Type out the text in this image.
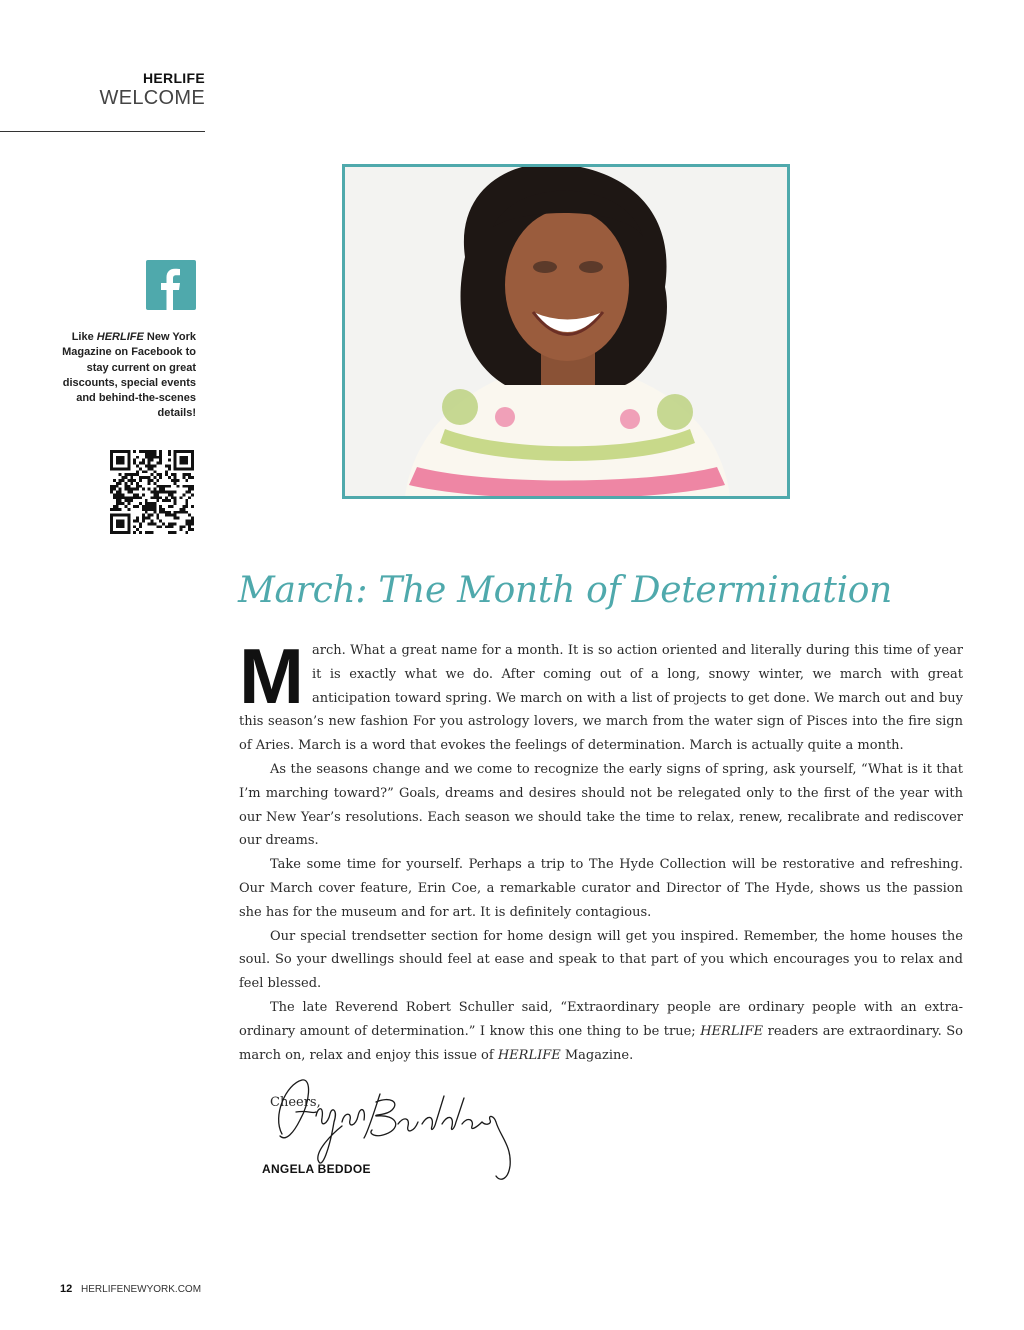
HERLIFE
WELCOME
Like HERLIFE New York Magazine on Facebook to stay current on great discounts, special events and behind-the-scenes details!
March: The Month of Determination

March. What a great name for a month. It is so action oriented and literally during this time of year it is exactly what we do. After coming out of a long, snowy winter, we march with great anticipation toward spring. We march on with a list of projects to get done. We march out and buy this season’s new fashion For you astrology lovers, we march from the water sign of Pisces into the fire sign of Aries. March is a word that evokes the feelings of determination. March is actually quite a month.

As the seasons change and we come to recognize the early signs of spring, ask yourself, “What is it that I’m marching toward?” Goals, dreams and desires should not be relegated only to the first of the year with our New Year’s resolutions. Each season we should take the time to relax, renew, recalibrate and rediscover our dreams.

Take some time for yourself. Perhaps a trip to The Hyde Collection will be restorative and refreshing. Our March cover feature, Erin Coe, a remarkable curator and Director of The Hyde, shows us the passion she has for the museum and for art. It is definitely contagious.

Our special trendsetter section for home design will get you inspired. Remember, the home houses the soul. So your dwellings should feel at ease and speak to that part of you which encourages you to relax and feel blessed.

The late Reverend Robert Schuller said, “Extraordinary people are ordinary people with an extra-ordinary amount of determination.” I know this one thing to be true; HERLIFE readers are extraordinary. So march on, relax and enjoy this issue of HERLIFE Magazine.

Cheers,

ANGELA BEDDOE
12 HERLIFENEWYORK.COM
